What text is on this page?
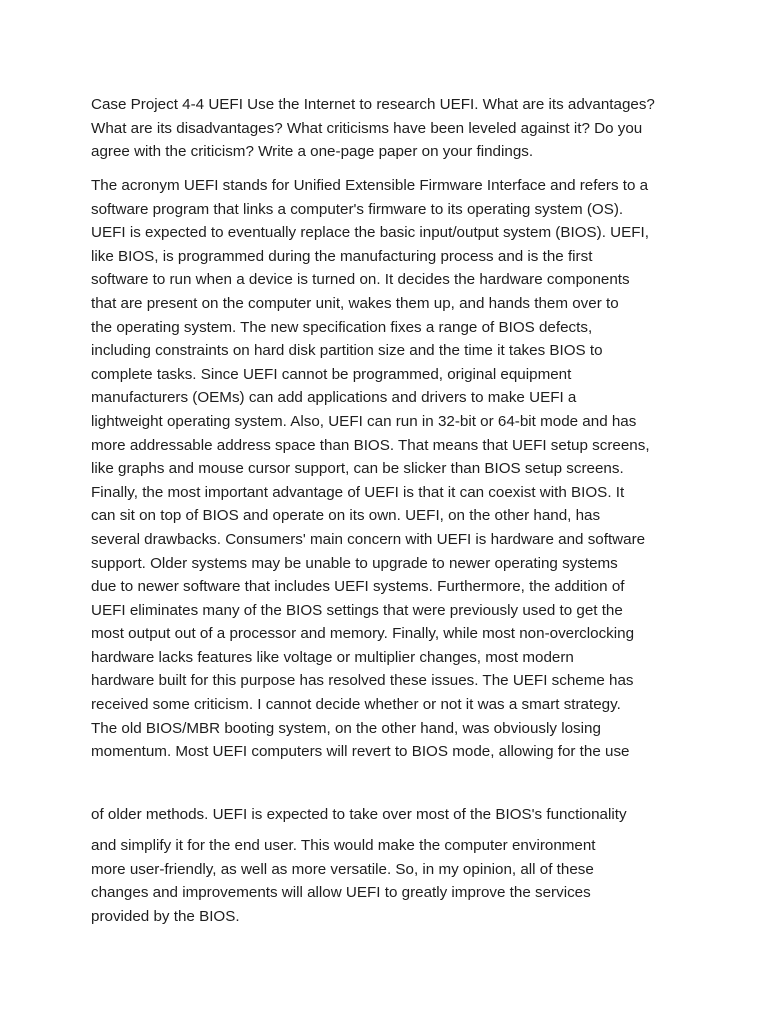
Case Project 4-4 UEFI Use the Internet to research UEFI. What are its advantages?
What are its disadvantages? What criticisms have been leveled against it? Do you
agree with the criticism? Write a one-page paper on your findings.
The acronym UEFI stands for Unified Extensible Firmware Interface and refers to a
software program that links a computer's firmware to its operating system (OS).
UEFI is expected to eventually replace the basic input/output system (BIOS). UEFI,
like BIOS, is programmed during the manufacturing process and is the first
software to run when a device is turned on. It decides the hardware components
that are present on the computer unit, wakes them up, and hands them over to
the operating system. The new specification fixes a range of BIOS defects,
including constraints on hard disk partition size and the time it takes BIOS to
complete tasks. Since UEFI cannot be programmed, original equipment
manufacturers (OEMs) can add applications and drivers to make UEFI a
lightweight operating system. Also, UEFI can run in 32-bit or 64-bit mode and has
more addressable address space than BIOS. That means that UEFI setup screens,
like graphs and mouse cursor support, can be slicker than BIOS setup screens.
Finally, the most important advantage of UEFI is that it can coexist with BIOS. It
can sit on top of BIOS and operate on its own. UEFI, on the other hand, has
several drawbacks. Consumers' main concern with UEFI is hardware and software
support. Older systems may be unable to upgrade to newer operating systems
due to newer software that includes UEFI systems. Furthermore, the addition of
UEFI eliminates many of the BIOS settings that were previously used to get the
most output out of a processor and memory. Finally, while most non-overclocking
hardware lacks features like voltage or multiplier changes, most modern
hardware built for this purpose has resolved these issues. The UEFI scheme has
received some criticism. I cannot decide whether or not it was a smart strategy.
The old BIOS/MBR booting system, on the other hand, was obviously losing
momentum. Most UEFI computers will revert to BIOS mode, allowing for the use
of older methods. UEFI is expected to take over most of the BIOS's functionality
and simplify it for the end user. This would make the computer environment
more user-friendly, as well as more versatile. So, in my opinion, all of these
changes and improvements will allow UEFI to greatly improve the services
provided by the BIOS.
